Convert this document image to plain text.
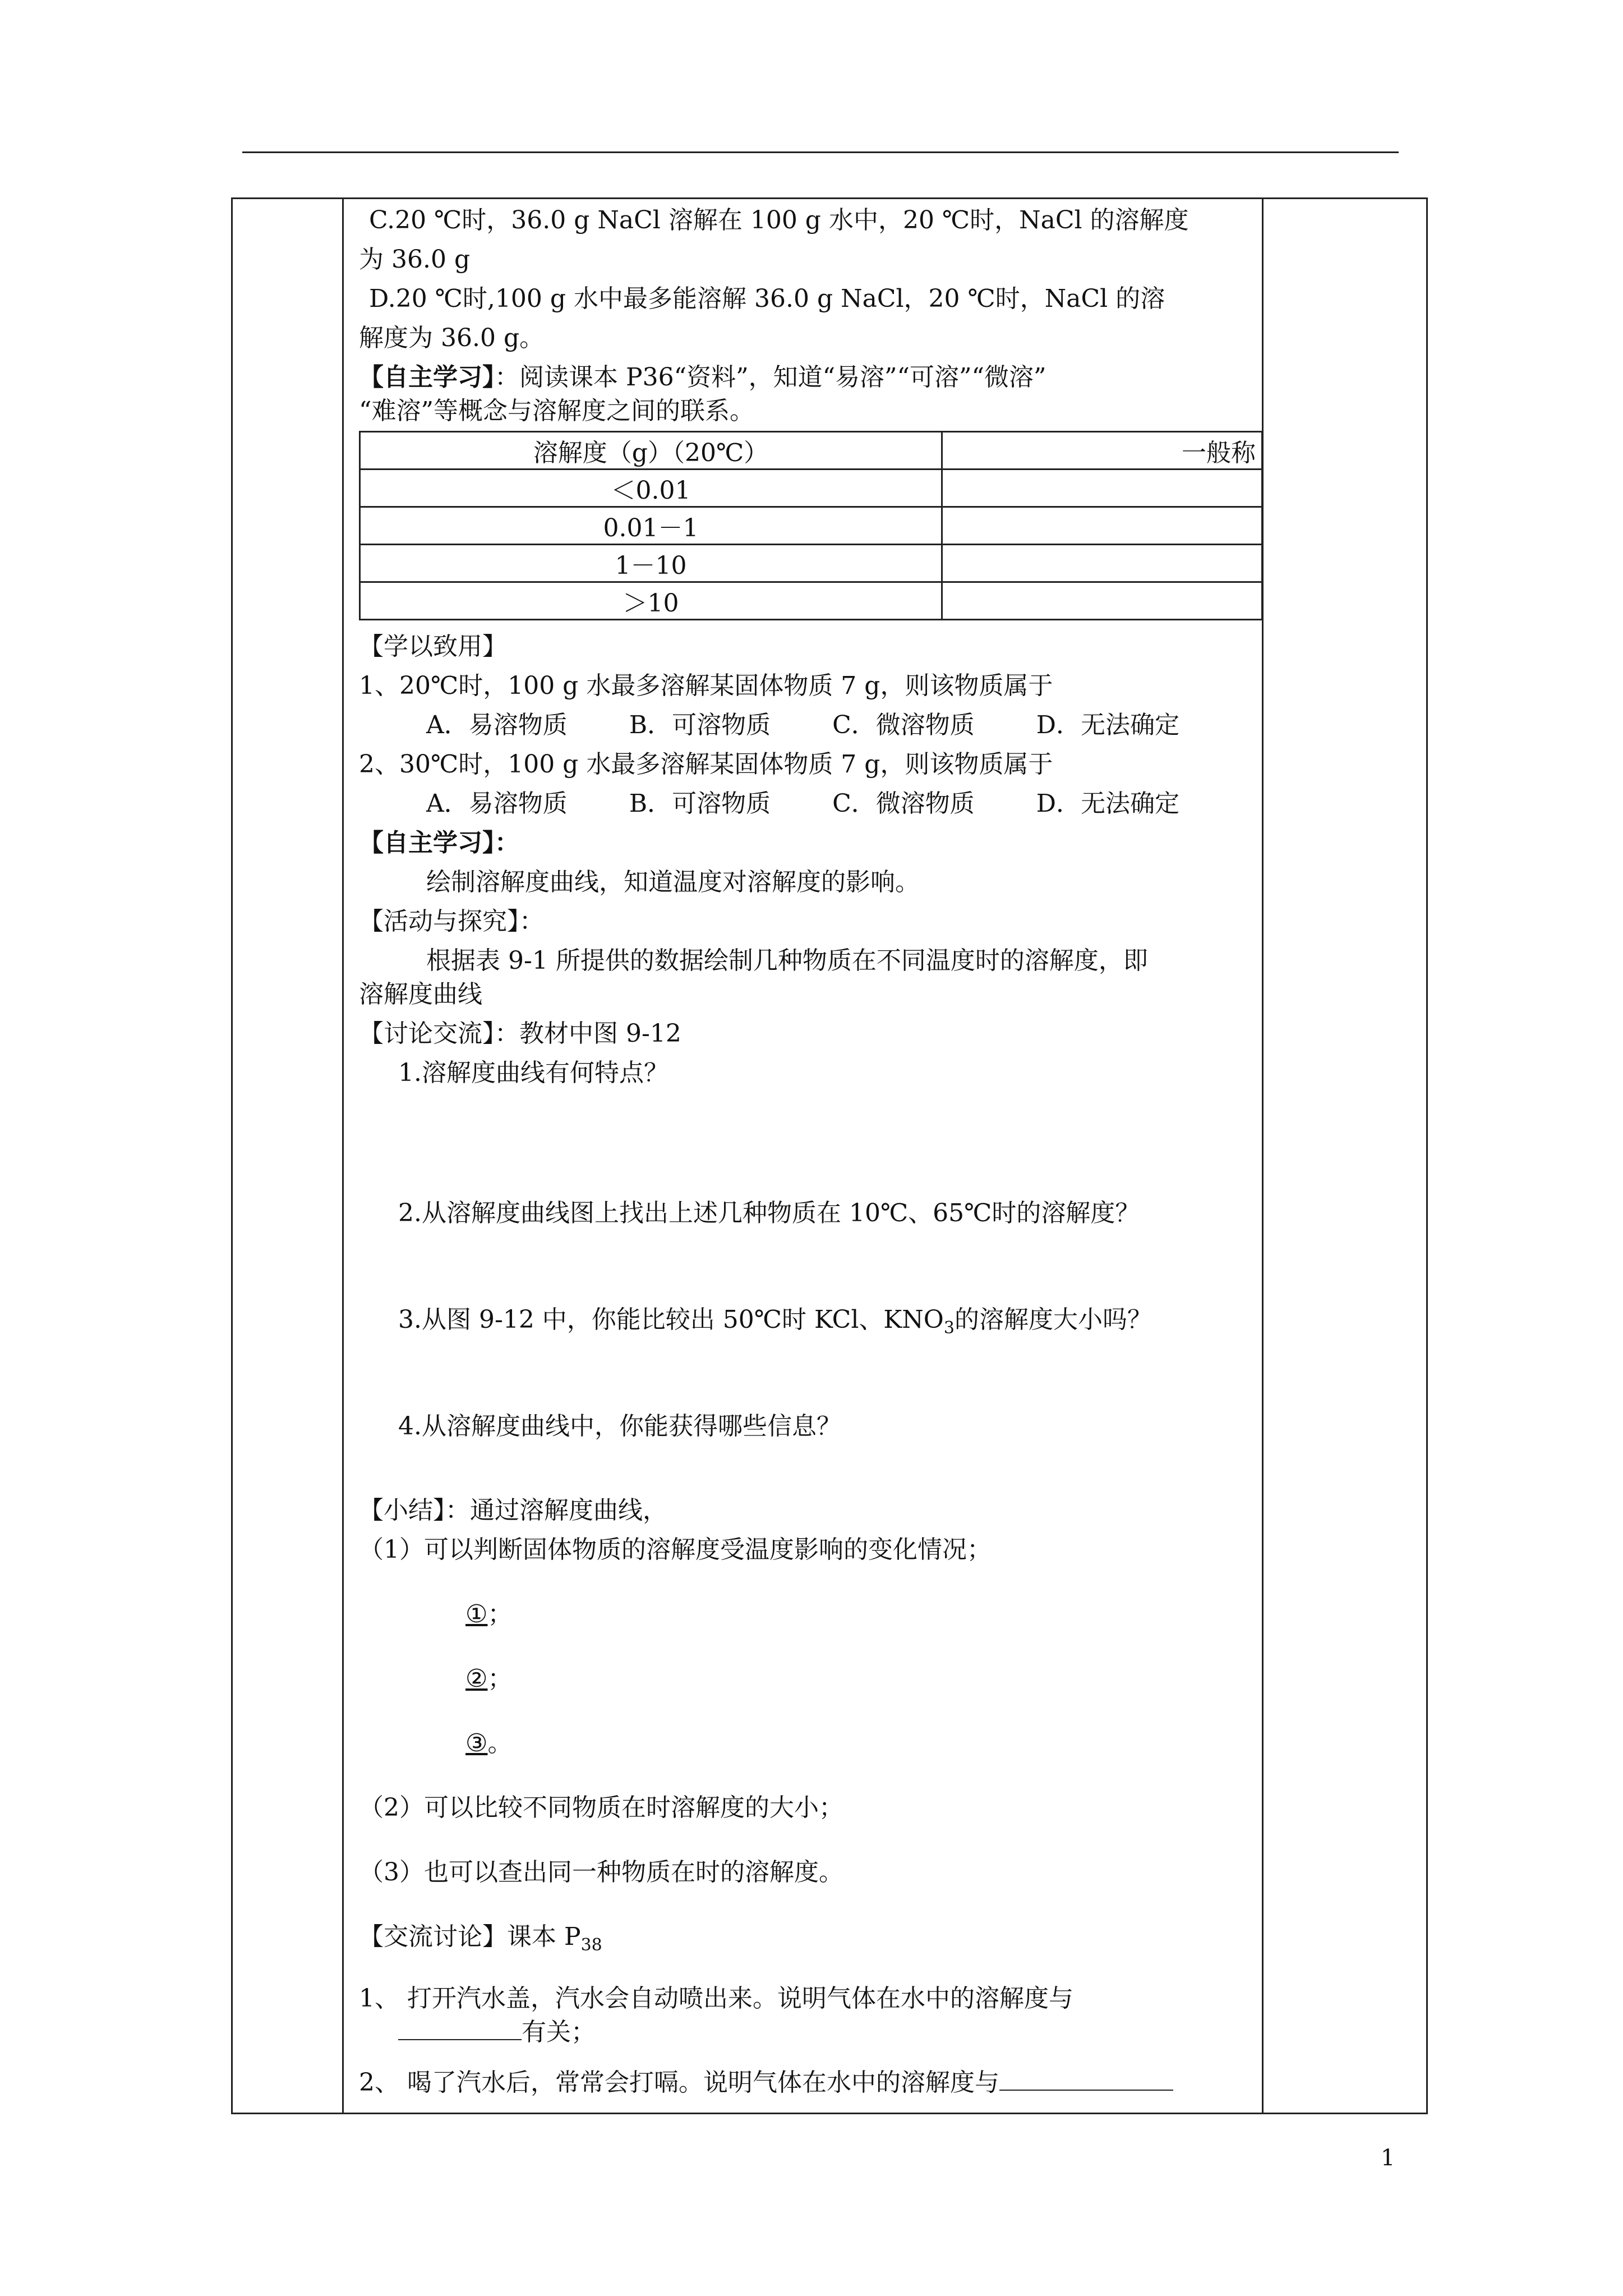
C.20 ℃时，36.0 g NaCl 溶解在 100 g 水中，20 ℃时，NaCl 的溶解度
为 36.0 g
D.20 ℃时,100 g 水中最多能溶解 36.0 g NaCl，20 ℃时，NaCl 的溶
解度为 36.0 g。
【自主学习】：阅读课本 P36“资料”，知道“易溶”“可溶”“微溶”
“难溶”等概念与溶解度之间的联系。
溶解度（g）（20℃）	一般称
＜0.01	
0.01－1	
1－10	
＞10	
【学以致用】
1、20℃时，100 g 水最多溶解某固体物质 7 g，则该物质属于
A．易溶物质	B．可溶物质	C．微溶物质	D．无法确定
2、30℃时，100 g 水最多溶解某固体物质 7 g，则该物质属于
A．易溶物质	B．可溶物质	C．微溶物质	D．无法确定
【自主学习】：
绘制溶解度曲线，知道温度对溶解度的影响。
【活动与探究】：
根据表 9-1 所提供的数据绘制几种物质在不同温度时的溶解度，即
溶解度曲线
【讨论交流】：教材中图 9-12
1.溶解度曲线有何特点？
2.从溶解度曲线图上找出上述几种物质在 10℃、65℃时的溶解度？
3.从图 9-12 中，你能比较出 50℃时 KCl、$KNO_3$的溶解度大小吗？
4.从溶解度曲线中，你能获得哪些信息？
【小结】：通过溶解度曲线，
（1）可以判断固体物质的溶解度受温度影响的变化情况；
①；
②；
③。
（2）可以比较不同物质在时溶解度的大小；
（3）也可以查出同一种物质在时的溶解度。
【交流讨论】课本 $P_{38}$
1、 打开汽水盖，汽水会自动喷出来。说明气体在水中的溶解度与
有关；
2、 喝了汽水后，常常会打嗝。说明气体在水中的溶解度与
1
